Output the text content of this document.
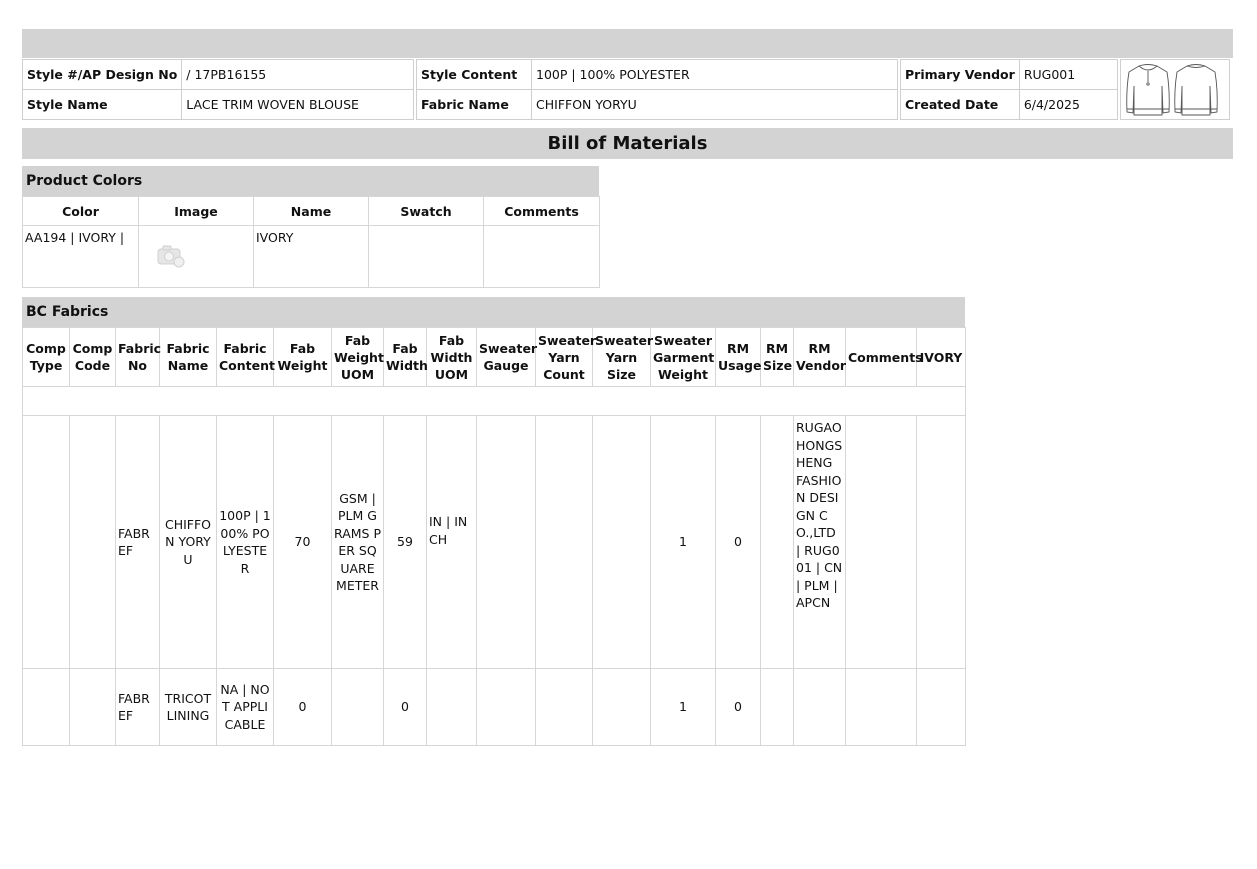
Style #/AP Design No	/ 17PB16155
Style Name	LACE TRIM WOVEN BLOUSE
Style Content	100P | 100% POLYESTER
Fabric Name	CHIFFON YORYU
Primary Vendor	RUG001
Created Date	6/4/2025
Bill of Materials
Product Colors
Color	Image	Name	Swatch	Comments
AA194 | IVORY |		IVORY		
BC Fabrics
Comp Type	Comp Code	Fabric No	Fabric Name	Fabric Content	Fab Weight	Fab Weight UOM	Fab Width	Fab Width UOM	Sweater Gauge	Sweater Yarn Count	Sweater Yarn Size	Sweater Garment Weight	RM Usage	RM Size	RM Vendor	Comments	IVORY

		FABREF	CHIFFON YORYU	100P | 100% POLYESTER	70	GSM | PLM GRAMS PER SQUARE METER	59	IN | INCH				1	0		RUGAOHONGSHENG FASHION DESIGN CO.,LTD | RUG001 | CN | PLM | APCN		
		FABREF	TRICOT LINING	NA | NOT APPLICABLE	0		0					1	0				
